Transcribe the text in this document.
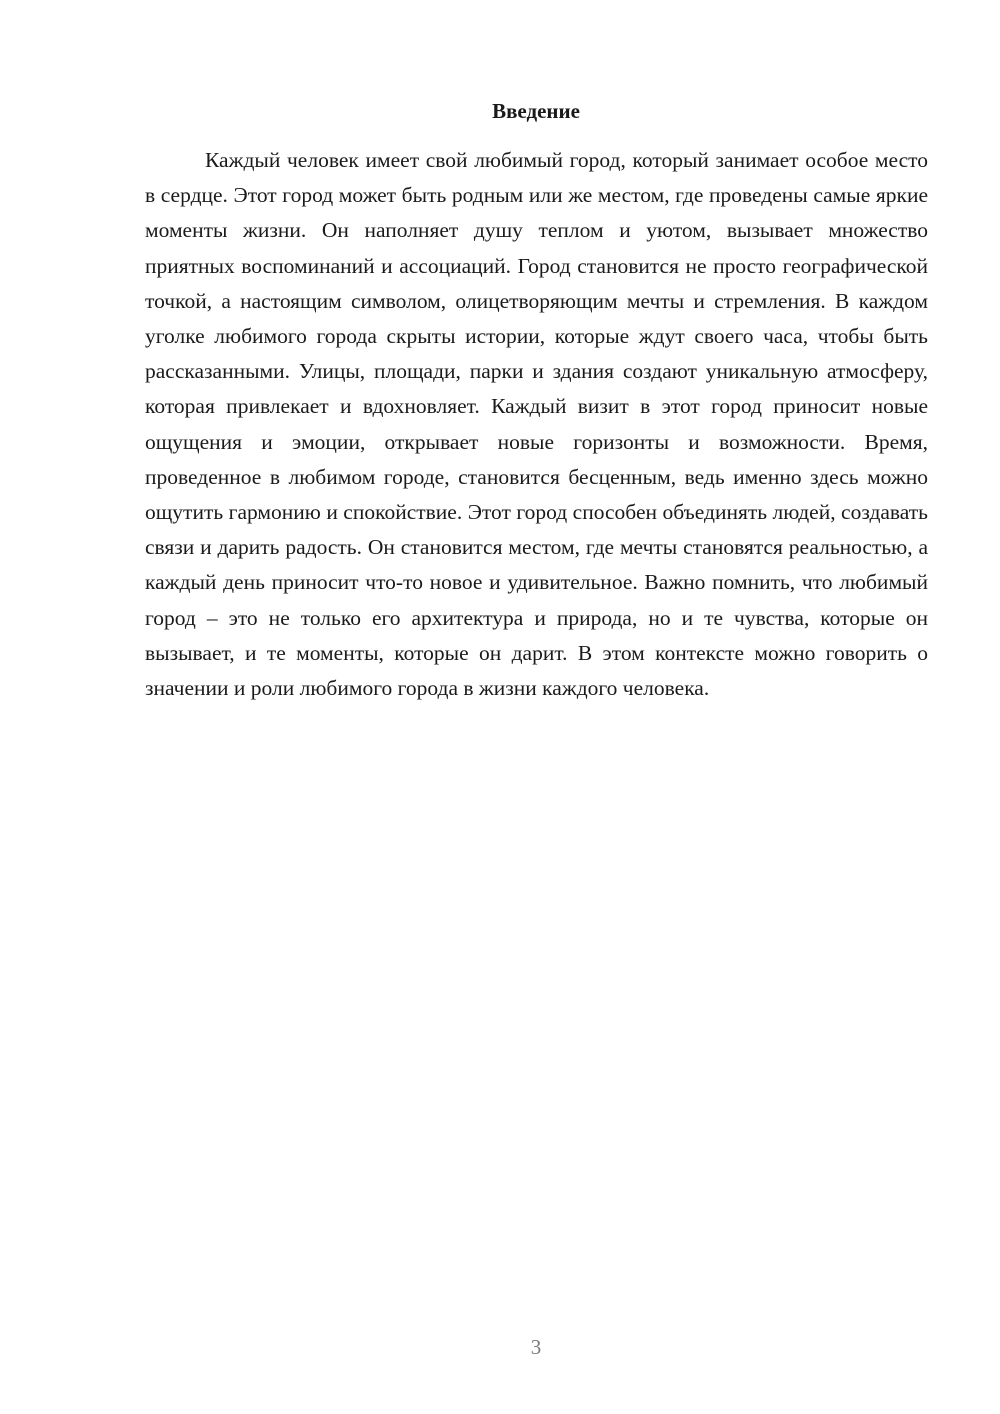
Введение

Каждый человек имеет свой любимый город, который занимает особое место в сердце. Этот город может быть родным или же местом, где проведены самые яркие моменты жизни. Он наполняет душу теплом и уютом, вызывает множество приятных воспоминаний и ассоциаций. Город становится не просто географической точкой, а настоящим символом, олицетворяющим мечты и стремления. В каждом уголке любимого города скрыты истории, которые ждут своего часа, чтобы быть рассказанными. Улицы, площади, парки и здания создают уникальную атмосферу, которая привлекает и вдохновляет. Каждый визит в этот город приносит новые ощущения и эмоции, открывает новые горизонты и возможности. Время, проведенное в любимом городе, становится бесценным, ведь именно здесь можно ощутить гармонию и спокойствие. Этот город способен объединять людей, создавать связи и дарить радость. Он становится местом, где мечты становятся реальностью, а каждый день приносит что-то новое и удивительное. Важно помнить, что любимый город – это не только его архитектура и природа, но и те чувства, которые он вызывает, и те моменты, которые он дарит. В этом контексте можно говорить о значении и роли любимого города в жизни каждого человека.

3
